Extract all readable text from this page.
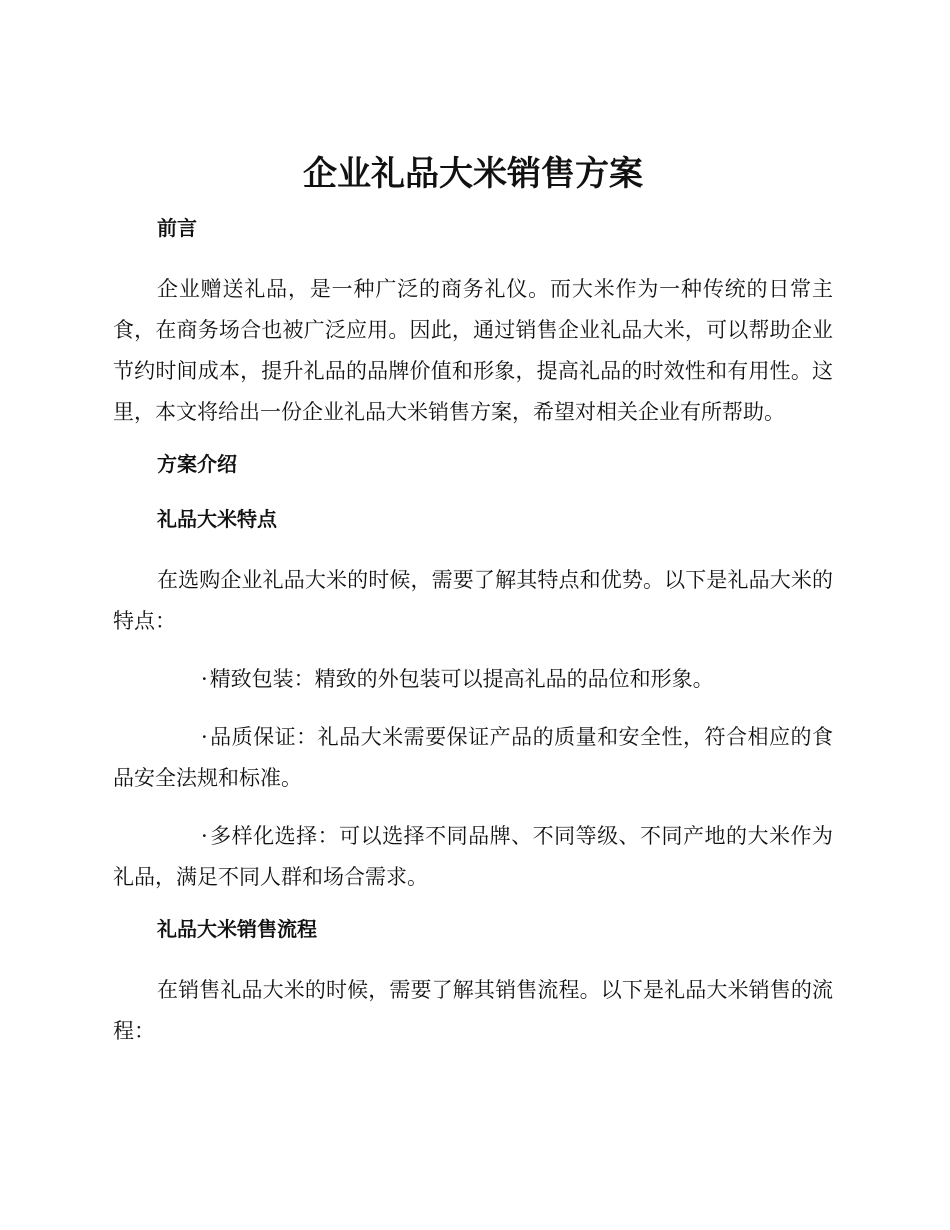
企业礼品大米销售方案
前言

企业赠送礼品，是一种广泛的商务礼仪。而大米作为一种传统的日常主食，在商务场合也被广泛应用。因此，通过销售企业礼品大米，可以帮助企业节约时间成本，提升礼品的品牌价值和形象，提高礼品的时效性和有用性。这里，本文将给出一份企业礼品大米销售方案，希望对相关企业有所帮助。

方案介绍
礼品大米特点

在选购企业礼品大米的时候，需要了解其特点和优势。以下是礼品大米的特点：

·精致包装：精致的外包装可以提高礼品的品位和形象。

·品质保证：礼品大米需要保证产品的质量和安全性，符合相应的食品安全法规和标准。

·多样化选择：可以选择不同品牌、不同等级、不同产地的大米作为礼品，满足不同人群和场合需求。

礼品大米销售流程

在销售礼品大米的时候，需要了解其销售流程。以下是礼品大米销售的流程：
